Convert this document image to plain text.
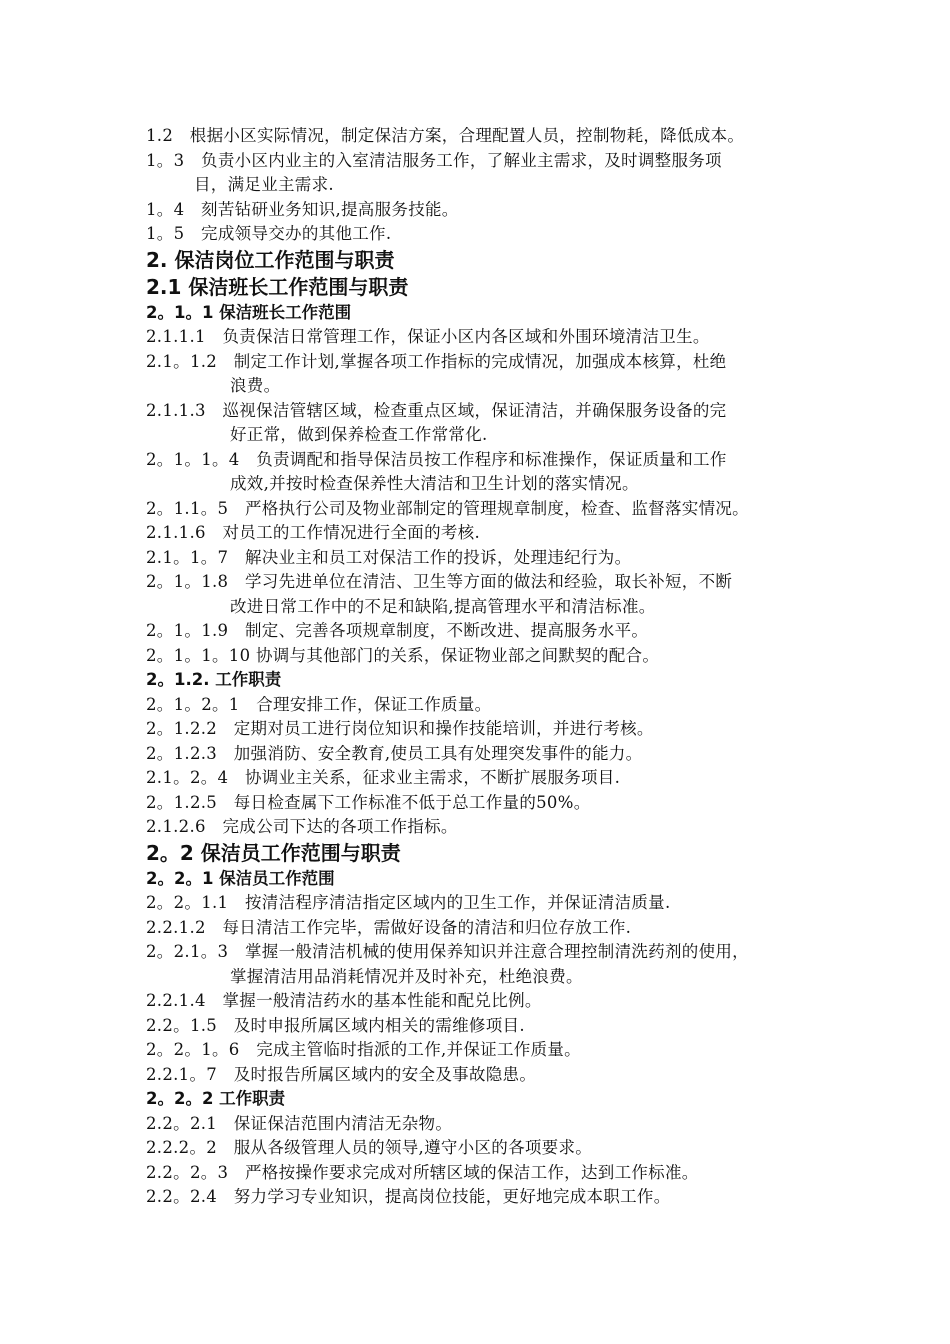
1.2 根据小区实际情况，制定保洁方案，合理配置人员，控制物耗，降低成本。
1。3 负责小区内业主的入室清洁服务工作，了解业主需求，及时调整服务项
目，满足业主需求.
1。4 刻苦钻研业务知识,提高服务技能。
1。5 完成领导交办的其他工作.
2. 保洁岗位工作范围与职责
2.1 保洁班长工作范围与职责
2。1。1 保洁班长工作范围
2.1.1.1 负责保洁日常管理工作，保证小区内各区域和外围环境清洁卫生。
2.1。1.2 制定工作计划,掌握各项工作指标的完成情况，加强成本核算，杜绝
浪费。
2.1.1.3 巡视保洁管辖区域，检查重点区域，保证清洁，并确保服务设备的完
好正常，做到保养检查工作常常化.
2。1。1。4 负责调配和指导保洁员按工作程序和标准操作，保证质量和工作
成效,并按时检查保养性大清洁和卫生计划的落实情况。
2。1.1。5 严格执行公司及物业部制定的管理规章制度，检查、监督落实情况。
2.1.1.6 对员工的工作情况进行全面的考核.
2.1。1。7 解决业主和员工对保洁工作的投诉，处理违纪行为。
2。1。1.8 学习先进单位在清洁、卫生等方面的做法和经验，取长补短，不断
改进日常工作中的不足和缺陷,提高管理水平和清洁标准。
2。1。1.9 制定、完善各项规章制度，不断改进、提高服务水平。
2。1。1。10 协调与其他部门的关系，保证物业部之间默契的配合。
2。1.2. 工作职责
2。1。2。1 合理安排工作，保证工作质量。
2。1.2.2 定期对员工进行岗位知识和操作技能培训，并进行考核。
2。1.2.3 加强消防、安全教育,使员工具有处理突发事件的能力。
2.1。2。4 协调业主关系，征求业主需求，不断扩展服务项目.
2。1.2.5 每日检查属下工作标准不低于总工作量的50%。
2.1.2.6 完成公司下达的各项工作指标。
2。2 保洁员工作范围与职责
2。2。1 保洁员工作范围
2。2。1.1 按清洁程序清洁指定区域内的卫生工作，并保证清洁质量.
2.2.1.2 每日清洁工作完毕，需做好设备的清洁和归位存放工作.
2。2.1。3 掌握一般清洁机械的使用保养知识并注意合理控制清洗药剂的使用，
掌握清洁用品消耗情况并及时补充，杜绝浪费。
2.2.1.4 掌握一般清洁药水的基本性能和配兑比例。
2.2。1.5 及时申报所属区域内相关的需维修项目.
2。2。1。6 完成主管临时指派的工作,并保证工作质量。
2.2.1。7 及时报告所属区域内的安全及事故隐患。
2。2。2 工作职责
2.2。2.1 保证保洁范围内清洁无杂物。
2.2.2。2 服从各级管理人员的领导,遵守小区的各项要求。
2.2。2。3 严格按操作要求完成对所辖区域的保洁工作，达到工作标准。
2.2。2.4 努力学习专业知识，提高岗位技能，更好地完成本职工作。
